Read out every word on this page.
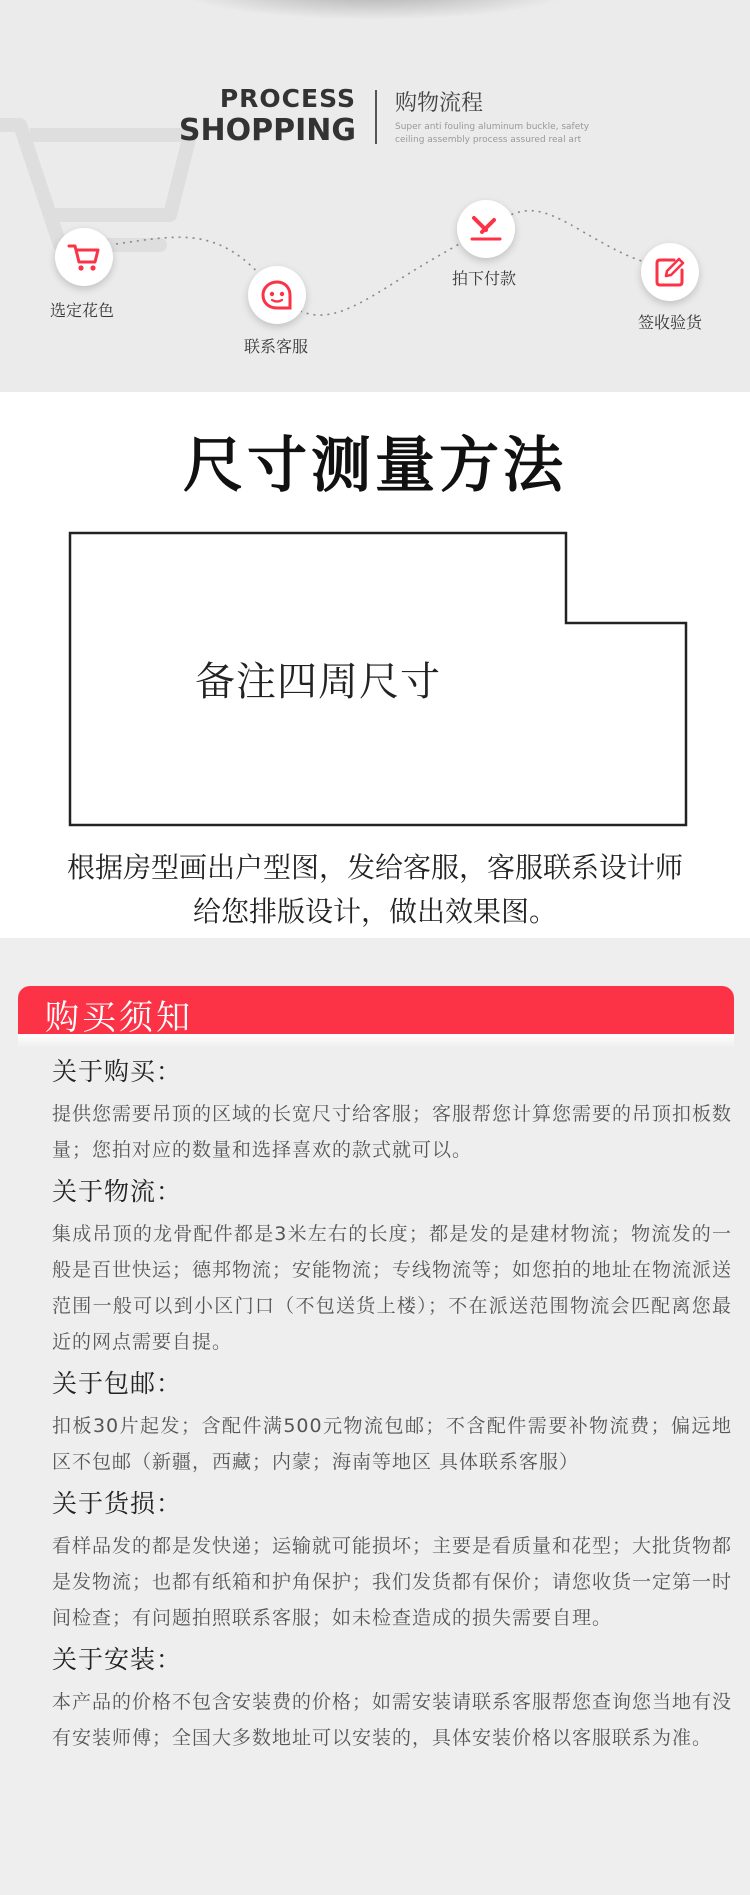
PROCESS
SHOPPING
购物流程
Super anti fouling aluminum buckle, safety ceiling assembly process assured real art
选定花色
联系客服
拍下付款
签收验货
尺寸测量方法
备注四周尺寸
根据房型画出户型图，发给客服，客服联系设计师
给您排版设计，做出效果图。
购买须知
关于购买：
提供您需要吊顶的区域的长宽尺寸给客服；客服帮您计算您需要的吊顶扣板数量；您拍对应的数量和选择喜欢的款式就可以。
关于物流：
集成吊顶的龙骨配件都是3米左右的长度；都是发的是建材物流；物流发的一般是百世快运；德邦物流；安能物流；专线物流等；如您拍的地址在物流派送范围一般可以到小区门口（不包送货上楼）；不在派送范围物流会匹配离您最近的网点需要自提。
关于包邮：
扣板30片起发；含配件满500元物流包邮；不含配件需要补物流费；偏远地区不包邮（新疆，西藏；内蒙；海南等地区 具体联系客服）
关于货损：
看样品发的都是发快递；运输就可能损坏；主要是看质量和花型；大批货物都是发物流；也都有纸箱和护角保护；我们发货都有保价；请您收货一定第一时间检查；有问题拍照联系客服；如未检查造成的损失需要自理。
关于安装：
本产品的价格不包含安装费的价格；如需安装请联系客服帮您查询您当地有没有安装师傅；全国大多数地址可以安装的，具体安装价格以客服联系为准。
